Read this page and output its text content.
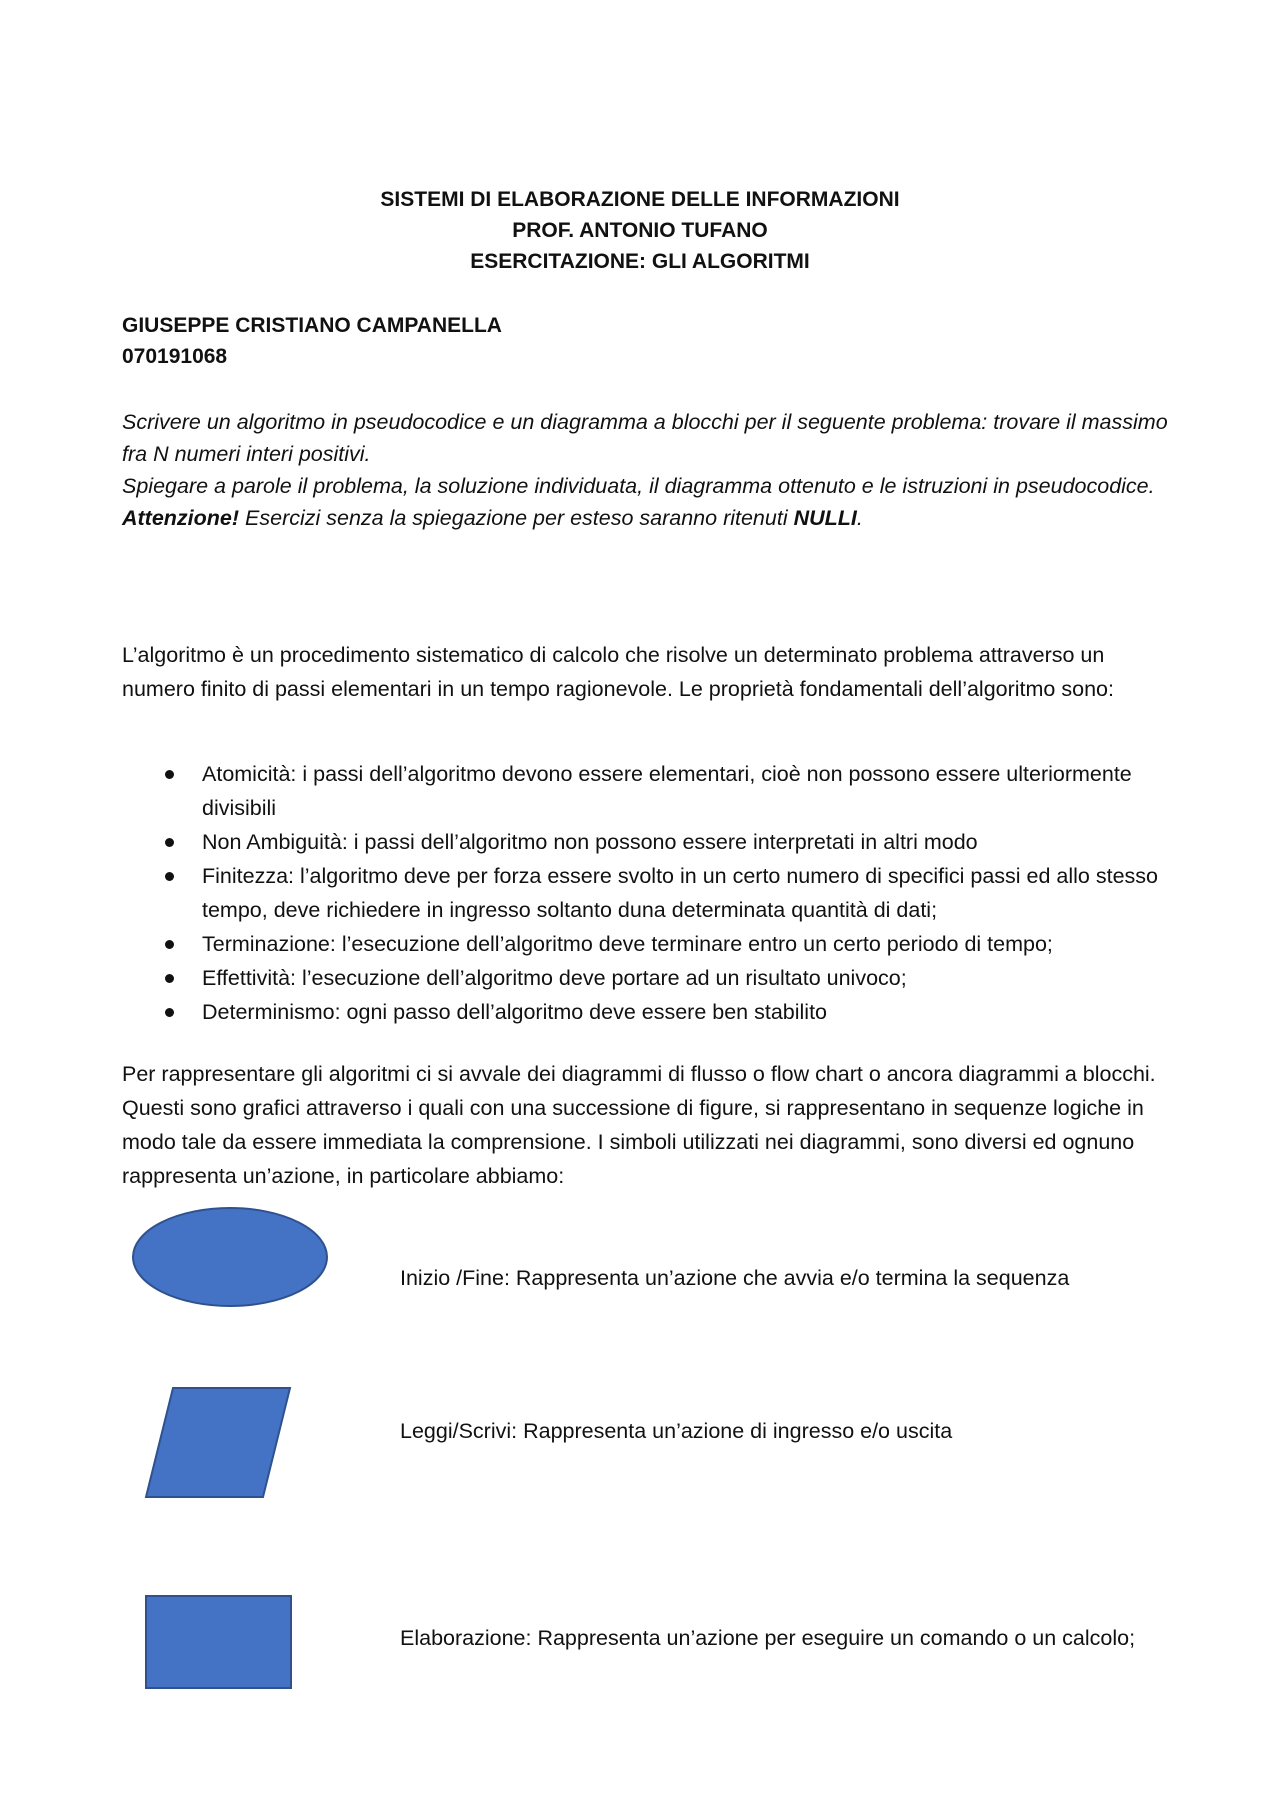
SISTEMI DI ELABORAZIONE DELLE INFORMAZIONI
PROF. ANTONIO TUFANO
ESERCITAZIONE: GLI ALGORITMI
GIUSEPPE CRISTIANO CAMPANELLA
070191068

Scrivere un algoritmo in pseudocodice e un diagramma a blocchi per il seguente problema: trovare il massimo fra N numeri interi positivi.

Spiegare a parole il problema, la soluzione individuata, il diagramma ottenuto e le istruzioni in pseudocodice.

Attenzione! Esercizi senza la spiegazione per esteso saranno ritenuti NULLI.

L’algoritmo è un procedimento sistematico di calcolo che risolve un determinato problema attraverso un numero finito di passi elementari in un tempo ragionevole. Le proprietà fondamentali dell’algoritmo sono:

Atomicità: i passi dell’algoritmo devono essere elementari, cioè non possono essere ulteriormente divisibili
Non Ambiguità: i passi dell’algoritmo non possono essere interpretati in altri modo
Finitezza: l’algoritmo deve per forza essere svolto in un certo numero di specifici passi ed allo stesso tempo, deve richiedere in ingresso soltanto duna determinata quantità di dati;
Terminazione: l’esecuzione dell’algoritmo deve terminare entro un certo periodo di tempo;
Effettività: l’esecuzione dell’algoritmo deve portare ad un risultato univoco;
Determinismo: ogni passo dell’algoritmo deve essere ben stabilito

Per rappresentare gli algoritmi ci si avvale dei diagrammi di flusso o flow chart o ancora diagrammi a blocchi. Questi sono grafici attraverso i quali con una successione di figure, si rappresentano in sequenze logiche in modo tale da essere immediata la comprensione. I simboli utilizzati nei diagrammi, sono diversi ed ognuno rappresenta un’azione, in particolare abbiamo:

Inizio /Fine: Rappresenta un’azione che avvia e/o termina la sequenza
Leggi/Scrivi: Rappresenta un’azione di ingresso e/o uscita
Elaborazione: Rappresenta un’azione per eseguire un comando o un calcolo;
